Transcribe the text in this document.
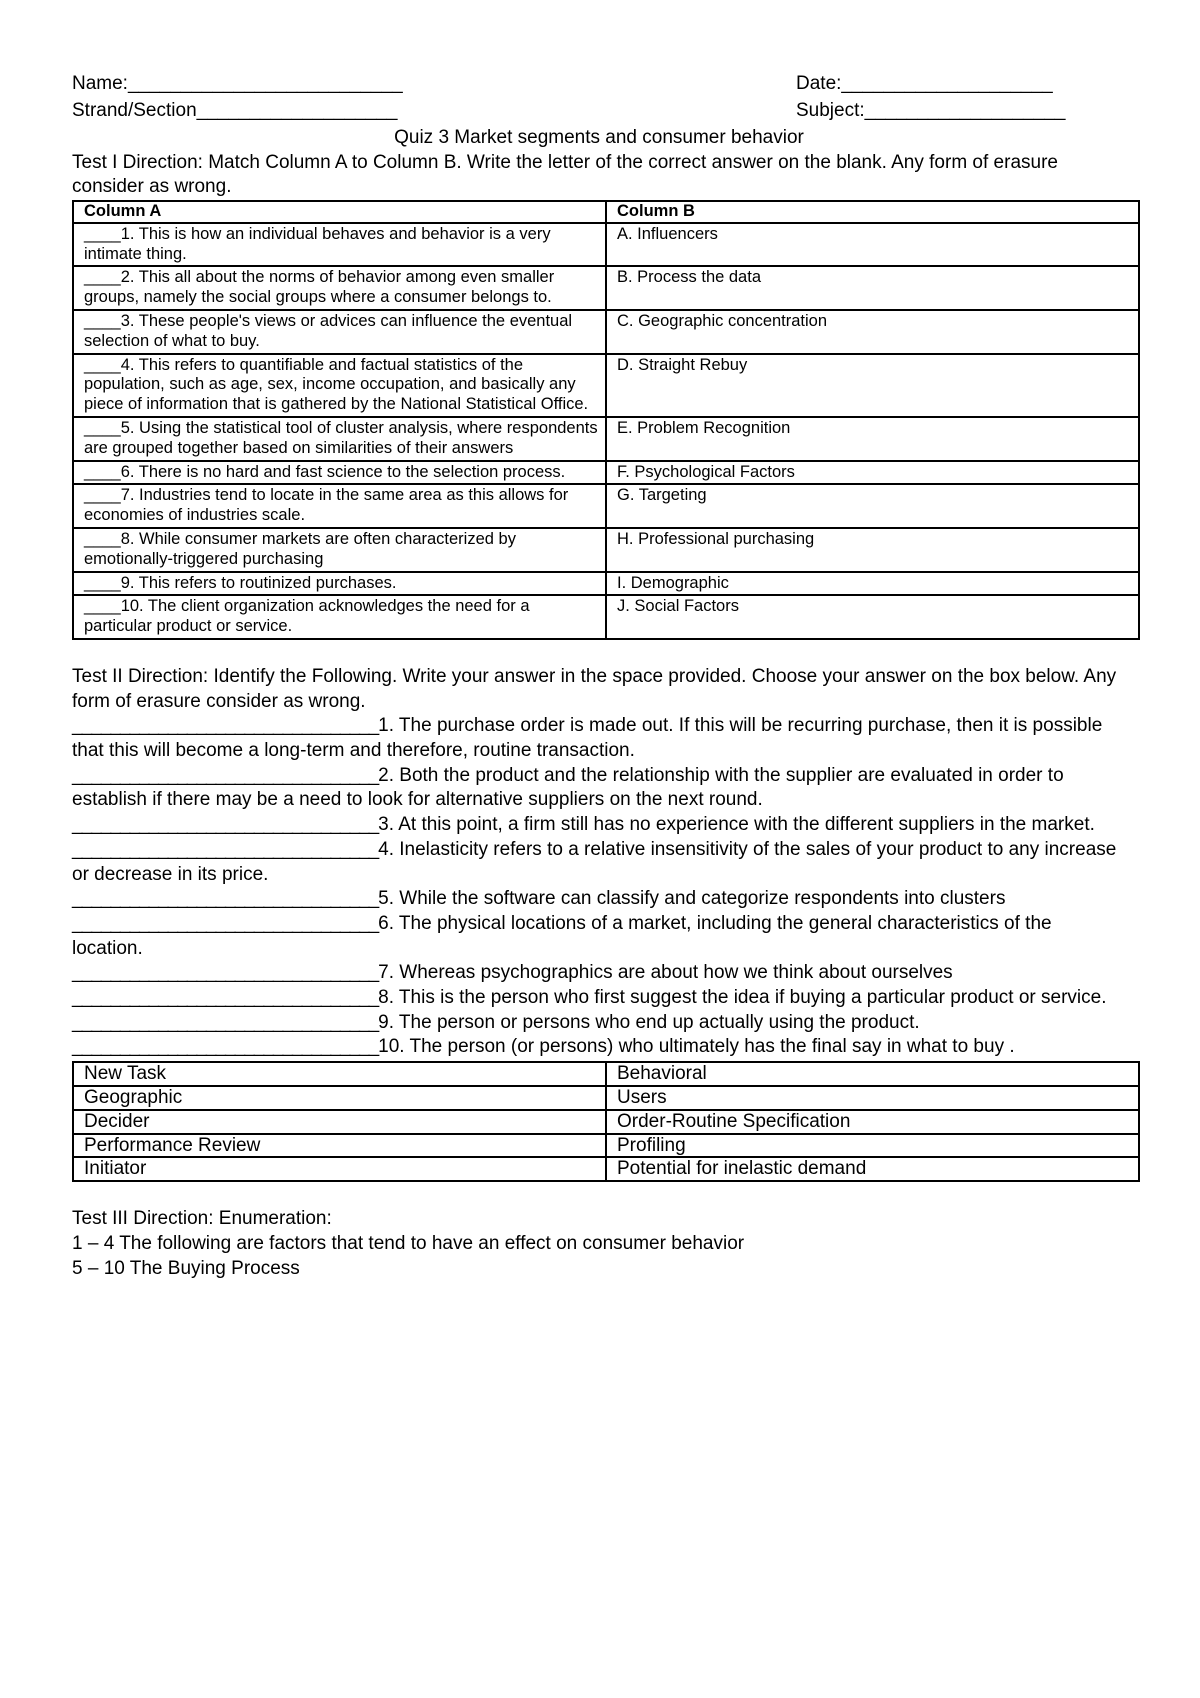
Name:__________________________	Date:____________________
Strand/Section___________________	Subject:___________________
Quiz 3 Market segments and consumer behavior

Test I Direction: Match Column A to Column B. Write the letter of the correct answer on the blank. Any form of erasure consider as wrong.

Column A	Column B
____1. This is how an individual behaves and behavior is a very intimate thing.	A. Influencers
____2. This all about the norms of behavior among even smaller groups, namely the social groups where a consumer belongs to.	B. Process the data
____3. These people's views or advices can influence the eventual selection of what to buy.	C. Geographic concentration
____4. This refers to quantifiable and factual statistics of the population, such as age, sex, income occupation, and basically any piece of information that is gathered by the National Statistical Office.	D. Straight Rebuy
____5. Using the statistical tool of cluster analysis, where respondents are grouped together based on similarities of their answers	E. Problem Recognition
____6. There is no hard and fast science to the selection process.	F. Psychological Factors
____7. Industries tend to locate in the same area as this allows for economies of industries scale.	G. Targeting
____8. While consumer markets are often characterized by emotionally-triggered purchasing	H. Professional purchasing
____9. This refers to routinized purchases.	I. Demographic
____10. The client organization acknowledges the need for a particular product or service.	J. Social Factors

Test II Direction: Identify the Following. Write your answer in the space provided. Choose your answer on the box below. Any form of erasure consider as wrong.

________________________________1. The purchase order is made out. If this will be recurring purchase, then it is possible that this will become a long-term and therefore, routine transaction.
________________________________2. Both the product and the relationship with the supplier are evaluated in order to establish if there may be a need to look for alternative suppliers on the next round.
________________________________3. At this point, a firm still has no experience with the different suppliers in the market.
________________________________4. Inelasticity refers to a relative insensitivity of the sales of your product to any increase or decrease in its price.
________________________________5. While the software can classify and categorize respondents into clusters
________________________________6. The physical locations of a market, including the general characteristics of the location.
________________________________7. Whereas psychographics are about how we think about ourselves
________________________________8. This is the person who first suggest the idea if buying a particular product or service.
________________________________9. The person or persons who end up actually using the product.
________________________________10. The person (or persons) who ultimately has the final say in what to buy .
New Task	Behavioral
Geographic	Users
Decider	Order-Routine Specification
Performance Review	Profiling
Initiator	Potential for inelastic demand
Test III Direction: Enumeration:
1 – 4 The following are factors that tend to have an effect on consumer behavior
5 – 10 The Buying Process
